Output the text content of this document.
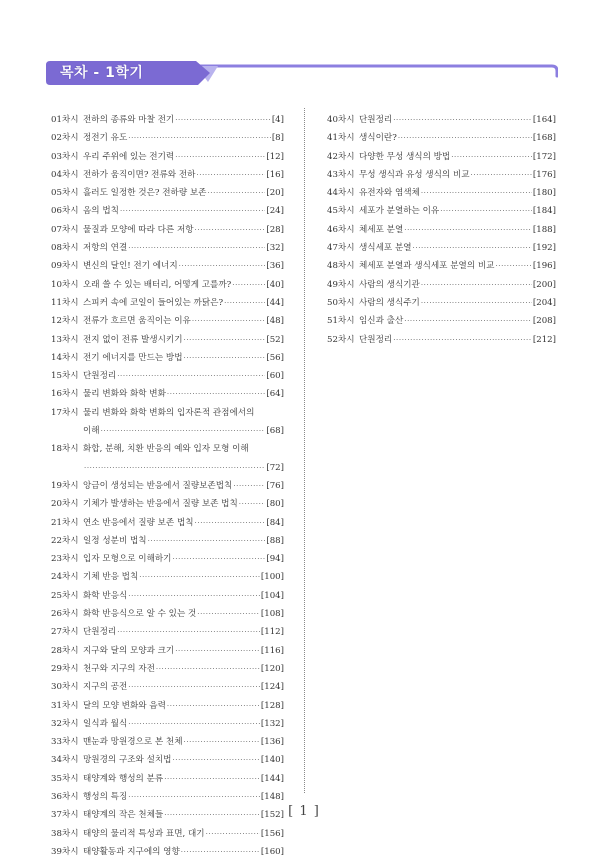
목차 - 1학기
01차시 전하의 종류와 마찰 전기 ·····	[4]
02차시 정전기 유도 ·····	[8]
03차시 우리 주위에 있는 전기력 ·····	[12]
04차시 전하가 움직이면? 전류와 전하 ·····	[16]
05차시 흘러도 일정한 것은? 전하량 보존 ·····	[20]
06차시 옴의 법칙 ·····	[24]
07차시 물질과 모양에 따라 다른 저항 ·····	[28]
08차시 저항의 연결 ·····	[32]
09차시 변신의 달인! 전기 에너지 ·····	[36]
10차시 오래 쓸 수 있는 배터리, 어떻게 고를까? ·····	[40]
11차시 스피커 속에 코일이 들어있는 까닭은? ·····	[44]
12차시 전류가 흐르면 움직이는 이유 ·····	[48]
13차시 전지 없이 전류 발생시키기 ·····	[52]
14차시 전기 에너지를 만드는 방법 ·····	[56]
15차시 단원정리 ·····	[60]
16차시 물리 변화와 화학 변화 ·····	[64]
17차시 물리 변화와 화학 변화의 입자론적 관점에서의
이해 ·····	[68]
18차시 화합, 분해, 치환 반응의 예와 입자 모형 이해
·····
[72]
19차시 앙금이 생성되는 반응에서 질량보존법칙 ·····	[76]
20차시 기체가 발생하는 반응에서 질량 보존 법칙 ·····	[80]
21차시 연소 반응에서 질량 보존 법칙 ·····	[84]
22차시 일정 성분비 법칙 ·····	[88]
23차시 입자 모형으로 이해하기 ·····	[94]
24차시 기체 반응 법칙 ·····	[100]
25차시 화학 반응식 ·····	[104]
26차시 화학 반응식으로 알 수 있는 것 ·····	[108]
27차시 단원정리 ·····	[112]
28차시 지구와 달의 모양과 크기 ·····	[116]
29차시 천구와 지구의 자전 ·····	[120]
30차시 지구의 공전 ·····	[124]
31차시 달의 모양 변화와 음력 ·····	[128]
32차시 일식과 월식 ·····	[132]
33차시 맨눈과 망원경으로 본 천체 ·····	[136]
34차시 망원경의 구조와 설치법 ·····	[140]
35차시 태양계와 행성의 분류 ·····	[144]
36차시 행성의 특징 ·····	[148]
37차시 태양계의 작은 천체들 ·····	[152]
38차시 태양의 물리적 특성과 표면, 대기 ·····	[156]
39차시 태양활동과 지구에의 영향 ·····	[160]
40차시 단원정리 ·····	[164]
41차시 생식이란? ·····	[168]
42차시 다양한 무성 생식의 방법 ·····	[172]
43차시 무성 생식과 유성 생식의 비교 ·····	[176]
44차시 유전자와 염색체 ·····	[180]
45차시 세포가 분열하는 이유 ·····	[184]
46차시 체세포 분열 ·····	[188]
47차시 생식세포 분열 ·····	[192]
48차시 체세포 분열과 생식세포 분열의 비교 ·····	[196]
49차시 사람의 생식기관 ·····	[200]
50차시 사람의 생식주기 ·····	[204]
51차시 임신과 출산 ·····	[208]
52차시 단원정리 ·····	[212]
[ 1 ]
